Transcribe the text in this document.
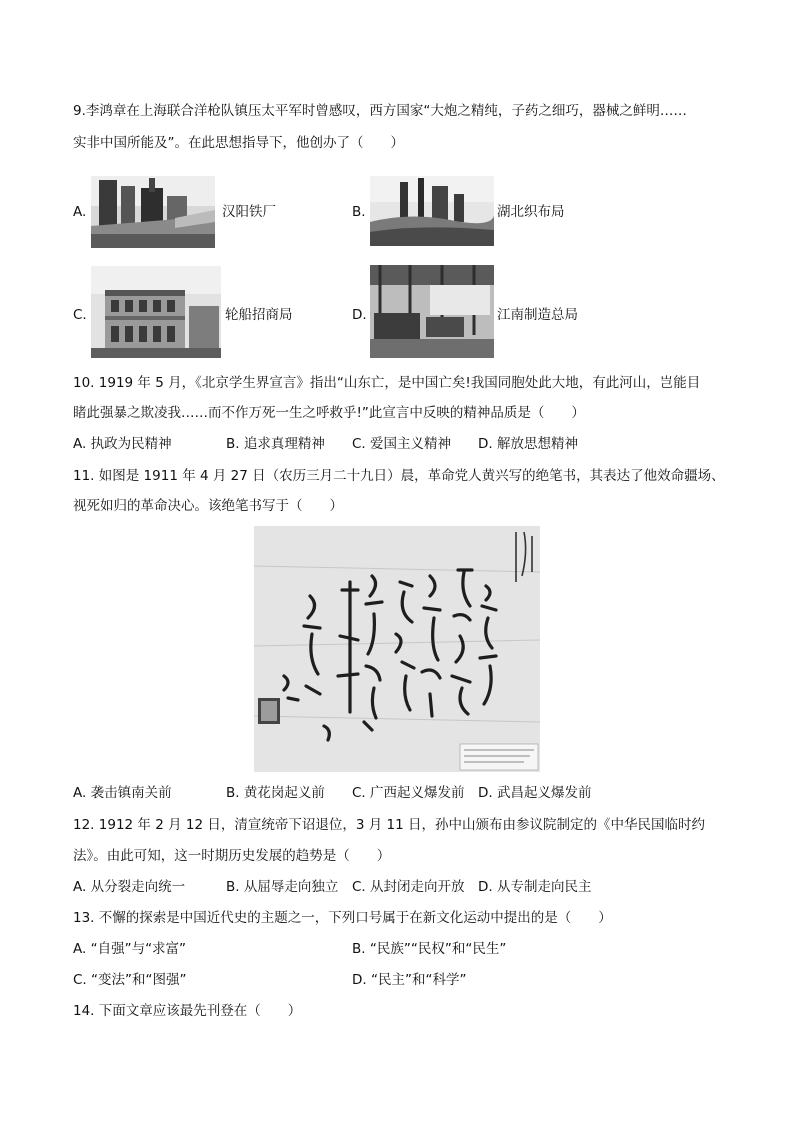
9.李鸿章在上海联合洋枪队镇压太平军时曾感叹，西方国家“大炮之精纯，子药之细巧，器械之鲜明……
实非中国所能及”。在此思想指导下，他创办了（　　）
A.	汉阳铁厂	B.	湖北织布局
C.	轮船招商局	D.	江南制造总局
10. 1919 年 5 月，《北京学生界宣言》指出“山东亡，是中国亡矣!我国同胞处此大地，有此河山，岂能目
睹此强暴之欺凌我……而不作万死一生之呼救乎!”此宣言中反映的精神品质是（　　）
A. 执政为民精神	B. 追求真理精神 C. 爱国主义精神 D. 解放思想精神
11. 如图是 1911 年 4 月 27 日（农历三月二十九日）晨，革命党人黄兴写的绝笔书，其表达了他效命疆场、
视死如归的革命决心。该绝笔书写于（　　）
A. 袭击镇南关前	B. 黄花岗起义前 C. 广西起义爆发前 D. 武昌起义爆发前
12. 1912 年 2 月 12 日，清宣统帝下诏退位，3 月 11 日，孙中山颁布由参议院制定的《中华民国临时约
法》。由此可知，这一时期历史发展的趋势是（　　）
A. 从分裂走向统一	B. 从屈辱走向独立 C. 从封闭走向开放 D. 从专制走向民主
13. 不懈的探索是中国近代史的主题之一，下列口号属于在新文化运动中提出的是（　　）
A. “自强”与“求富”	B. “民族”“民权”和“民生”
C. “变法”和“图强”	D. “民主”和“科学”
14. 下面文章应该最先刊登在（　　）
